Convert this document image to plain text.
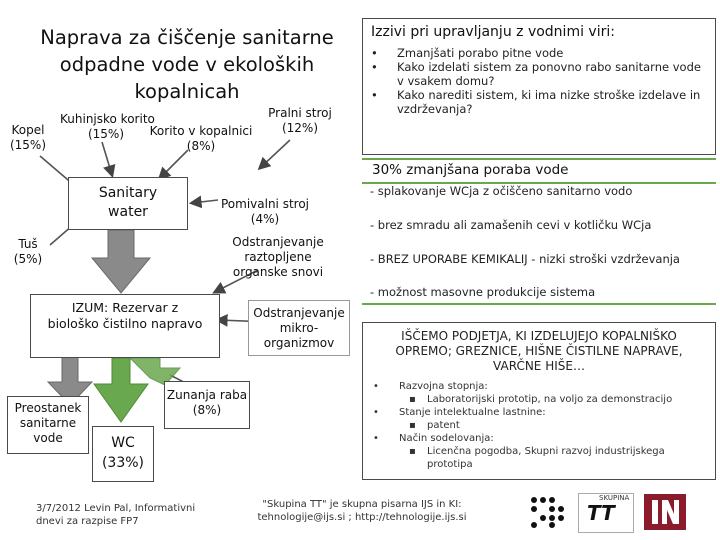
Naprava za čiščenje sanitarne odpadne vode v ekoloških kopalnicah
Kuhinjsko korito
(15%)
Kopel
(15%)
Korito v kopalnici
(8%)
Pralni stroj
(12%)
Sanitary water	Pomivalni stroj
(4%)
Tuš
(5%)
Odstranjevanje raztopljene organske snovi
IZUM: Rezervar z biološko čistilno napravo
Odstranjevanje mikro-organizmov
Preostanek sanitarne vode
Zunanja raba (8%)
WC
(33%)
3/7/2012 Levin Pal, Informativni dnevi za razpise FP7
Izzivi pri upravljanju z vodnimi viri:
• Zmanjšati porabo pitne vode
• Kako izdelati sistem za ponovno rabo sanitarne vode v vsakem domu?
• Kako narediti sistem, ki ima nizke stroške izdelave in vzdrževanja?
30% zmanjšana poraba vode
- splakovanje WCja z očiščeno sanitarno vodo
- brez smradu ali zamašenih cevi v kotličku WCja
- BREZ UPORABE KEMIKALIJ - nizki stroški vzdrževanja
- možnost masovne produkcije sistema
IŠČEMO PODJETJA, KI IZDELUJEJO KOPALNIŠKO OPREMO; GREZNICE, HIŠNE ČISTILNE NAPRAVE, VARČNE HIŠE…
• Razvojna stopnja:
▪ Laboratorijski prototip, na voljo za demonstracijo
• Stanje intelektualne lastnine:
▪ patent
• Način sodelovanja:
▪ Licenčna pogodba, Skupni razvoj industrijskega prototipa
"Skupina TT" je skupna pisarna IJS in KI: tehnologije@ijs.si ; http://tehnologije.ijs.si
SKUPINA
TT
